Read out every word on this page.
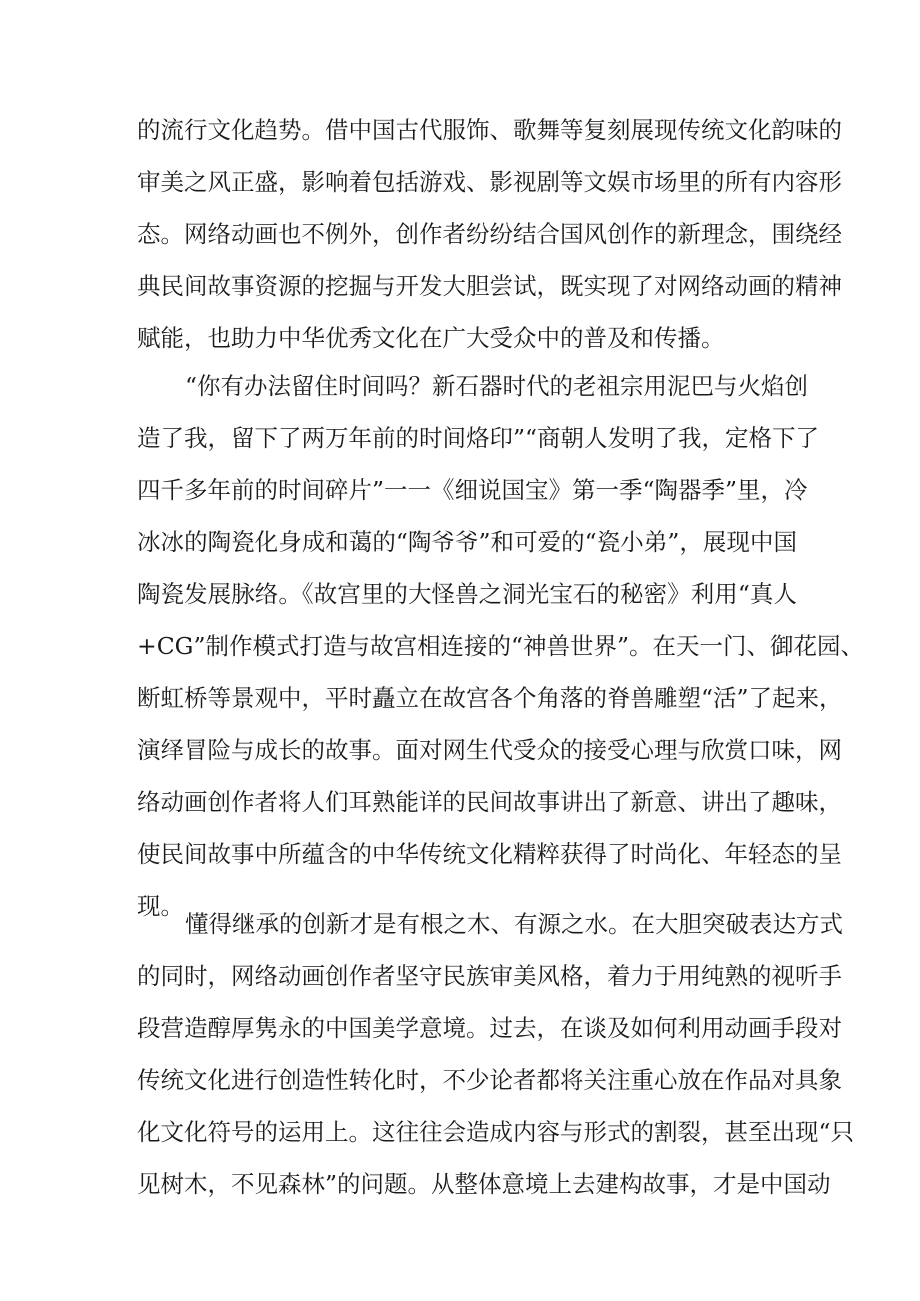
的流行文化趋势。借中国古代服饰、歌舞等复刻展现传统文化韵味的
审美之风正盛，影响着包括游戏、影视剧等文娱市场里的所有内容形
态。网络动画也不例外，创作者纷纷结合国风创作的新理念，围绕经
典民间故事资源的挖掘与开发大胆尝试，既实现了对网络动画的精神
赋能，也助力中华优秀文化在广大受众中的普及和传播。
“你有办法留住时间吗？新石器时代的老祖宗用泥巴与火焰创
造了我，留下了两万年前的时间烙印”“商朝人发明了我，定格下了
四千多年前的时间碎片”一一《细说国宝》第一季“陶器季”里，冷
冰冰的陶瓷化身成和蔼的“陶爷爷”和可爱的“瓷小弟”，展现中国
陶瓷发展脉络。《故宫里的大怪兽之洞光宝石的秘密》利用“真人
+CG”制作模式打造与故宫相连接的“神兽世界”。在天一门、御花园、
断虹桥等景观中，平时矗立在故宫各个角落的脊兽雕塑“活”了起来，
演绎冒险与成长的故事。面对网生代受众的接受心理与欣赏口味，网
络动画创作者将人们耳熟能详的民间故事讲出了新意、讲出了趣味，
使民间故事中所蕴含的中华传统文化精粹获得了时尚化、年轻态的呈
现。
懂得继承的创新才是有根之木、有源之水。在大胆突破表达方式
的同时，网络动画创作者坚守民族审美风格，着力于用纯熟的视听手
段营造醇厚隽永的中国美学意境。过去，在谈及如何利用动画手段对
传统文化进行创造性转化时，不少论者都将关注重心放在作品对具象
化文化符号的运用上。这往往会造成内容与形式的割裂，甚至出现“只
见树木，不见森林”的问题。从整体意境上去建构故事，才是中国动
